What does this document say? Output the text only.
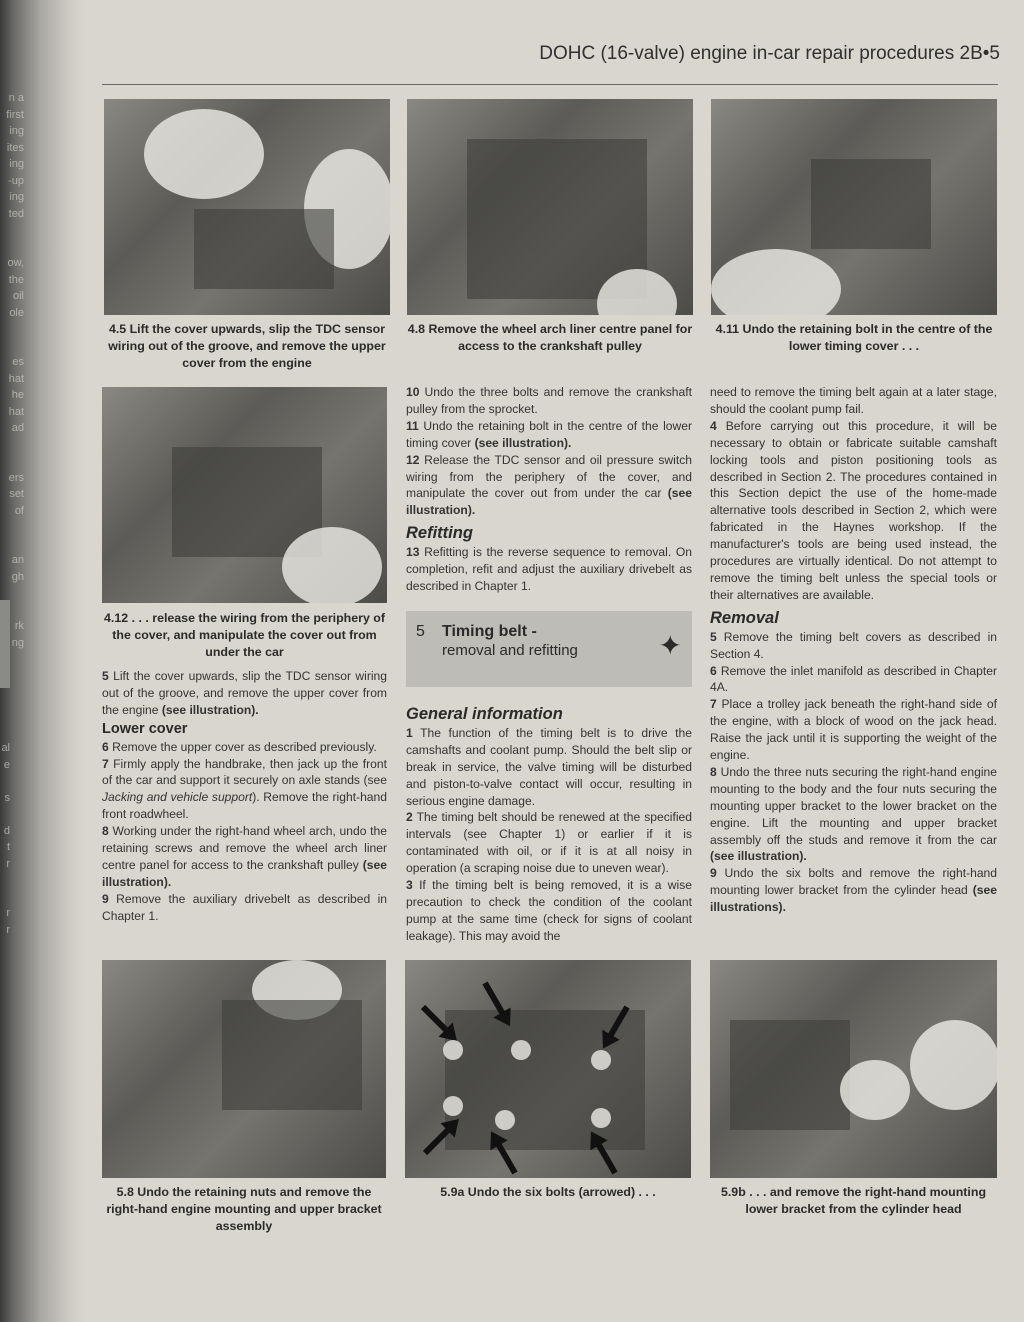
n a
first
ing
ites
ing
-up
ing
ted
ow,
the
oil
ole
es
hat
he
hat
ad
ers
set
of
an
gh
rk
ng
al
e
s
d
t
r
r
r
DOHC (16-valve) engine in-car repair procedures 2B•5
4.5 Lift the cover upwards, slip the TDC sensor wiring out of the groove, and remove the upper cover from the engine
4.8 Remove the wheel arch liner centre panel for access to the crankshaft pulley
4.11 Undo the retaining bolt in the centre of the lower timing cover . . .
4.12 . . . release the wiring from the periphery of the cover, and manipulate the cover out from under the car

5 Lift the cover upwards, slip the TDC sensor wiring out of the groove, and remove the upper cover from the engine (see illustration).

Lower cover

6 Remove the upper cover as described previously.

7 Firmly apply the handbrake, then jack up the front of the car and support it securely on axle stands (see Jacking and vehicle support). Remove the right-hand front roadwheel.

8 Working under the right-hand wheel arch, undo the retaining screws and remove the wheel arch liner centre panel for access to the crankshaft pulley (see illustration).

9 Remove the auxiliary drivebelt as described in Chapter 1.

10 Undo the three bolts and remove the crankshaft pulley from the sprocket.

11 Undo the retaining bolt in the centre of the lower timing cover (see illustration).

12 Release the TDC sensor and oil pressure switch wiring from the periphery of the cover, and manipulate the cover out from under the car (see illustration).

Refitting

13 Refitting is the reverse sequence to removal. On completion, refit and adjust the auxiliary drivebelt as described in Chapter 1.

5 Timing belt -
removal and refitting	✦
General information

1 The function of the timing belt is to drive the camshafts and coolant pump. Should the belt slip or break in service, the valve timing will be disturbed and piston-to-valve contact will occur, resulting in serious engine damage.

2 The timing belt should be renewed at the specified intervals (see Chapter 1) or earlier if it is contaminated with oil, or if it is at all noisy in operation (a scraping noise due to uneven wear).

3 If the timing belt is being removed, it is a wise precaution to check the condition of the coolant pump at the same time (check for signs of coolant leakage). This may avoid the

need to remove the timing belt again at a later stage, should the coolant pump fail.

4 Before carrying out this procedure, it will be necessary to obtain or fabricate suitable camshaft locking tools and piston positioning tools as described in Section 2. The procedures contained in this Section depict the use of the home-made alternative tools described in Section 2, which were fabricated in the Haynes workshop. If the manufacturer's tools are being used instead, the procedures are virtually identical. Do not attempt to remove the timing belt unless the special tools or their alternatives are available.

Removal

5 Remove the timing belt covers as described in Section 4.

6 Remove the inlet manifold as described in Chapter 4A.

7 Place a trolley jack beneath the right-hand side of the engine, with a block of wood on the jack head. Raise the jack until it is supporting the weight of the engine.

8 Undo the three nuts securing the right-hand engine mounting to the body and the four nuts securing the mounting upper bracket to the lower bracket on the engine. Lift the mounting and upper bracket assembly off the studs and remove it from the car (see illustration).

9 Undo the six bolts and remove the right-hand mounting lower bracket from the cylinder head (see illustrations).

5.8 Undo the retaining nuts and remove the right-hand engine mounting and upper bracket assembly
5.9a Undo the six bolts (arrowed) . . .	5.9b . . . and remove the right-hand mounting lower bracket from the cylinder head
